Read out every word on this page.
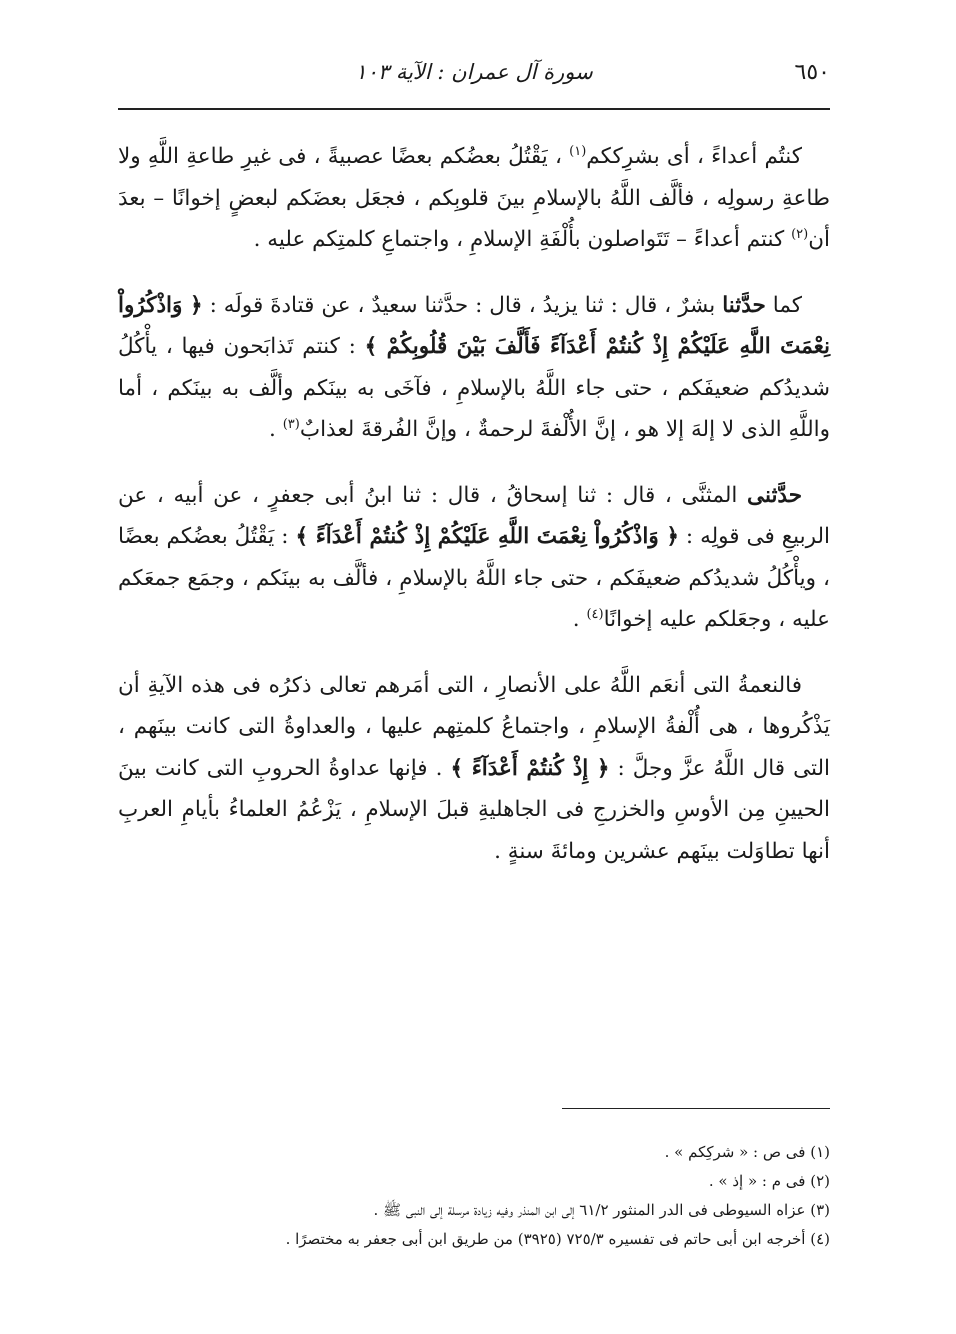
٦٥٠
سورة آل عمران : الآية ١٠٣

كنتُم أعداءً ، أى بشرِككم$^{(١)}$ ، يَقْتُلُ بعضُكم بعضًا عصبيةً ، فى غيرِ طاعةِ اللَّهِ ولا طاعةِ رسولِه ، فألَّف اللَّهُ بالإسلامِ بينَ قلوبِكم ، فجعَل بعضَكم لبعضٍ إخوانًا – بعدَ أن$^{(٢)}$ كنتم أعداءً – تَتَواصلون بأُلْفَةِ الإسلامِ ، واجتماعِ كلمتِكم عليه .

كما حدَّثنا بشرٌ ، قال : ثنا يزيدُ ، قال : حدَّثنا سعيدٌ ، عن قتادةَ قولَه : ﴿ وَاذْكُرُواْ نِعْمَتَ اللَّهِ عَلَيْكُمْ إِذْ كُنتُمْ أَعْدَآءً فَأَلَّفَ بَيْنَ قُلُوبِكُمْ ﴾ : كنتم تَذابَحون فيها ، يأْكُلُ شديدُكم ضعيفَكم ، حتى جاء اللَّهُ بالإسلامِ ، فآخَى به بينَكم وألَّف به بينَكم ، أما واللَّهِ الذى لا إلهَ إلا هو ، إنَّ الأُلْفةَ لرحمةٌ ، وإنَّ الفُرقةَ لعذابٌ$^{(٣)}$ .

حدَّثنى المثنَّى ، قال : ثنا إسحاقُ ، قال : ثنا ابنُ أبى جعفرٍ ، عن أبيه ، عن الربيعِ فى قولِه : ﴿ وَاذْكُرُواْ نِعْمَتَ اللَّهِ عَلَيْكُمْ إِذْ كُنتُمْ أَعْدَآءً ﴾ : يَقْتُلُ بعضُكم بعضًا ، ويأْكُلُ شديدُكم ضعيفَكم ، حتى جاء اللَّهُ بالإسلامِ ، فألَّف به بينَكم ، وجمَع جمعَكم عليه ، وجعَلكم عليه إخوانًا$^{(٤)}$ .

فالنعمةُ التى أنعَم اللَّهُ على الأنصارِ ، التى أمَرهم تعالى ذكرُه فى هذه الآيةِ أن يَذْكُروها ، هى أُلْفةُ الإسلامِ ، واجتماعُ كلمتِهم عليها ، والعداوةُ التى كانت بينَهم ، التى قال اللَّهُ عزَّ وجلَّ : ﴿ إِذْ كُنتُمْ أَعْدَآءً ﴾ . فإنها عداوةُ الحروبِ التى كانت بينَ الحيينِ مِن الأوسِ والخزرجِ فى الجاهليةِ قبلَ الإسلامِ ، يَزْعُمُ العلماءُ بأيامِ العربِ أنها تطاوَلت بينَهم عشرين ومائةَ سنةٍ .

(١) فى ص : « شركِكم » .
(٢) فى م : « إذ » .
(٣) عزاه السيوطى فى الدر المنثور ٦١/٢ إلى ابن المنذر وفيه زيادة مرسلة إلى النبى ﷺ .
(٤) أخرجه ابن أبى حاتم فى تفسيره ٧٢٥/٣ (٣٩٢٥) من طريق ابن أبى جعفر به مختصرًا .
